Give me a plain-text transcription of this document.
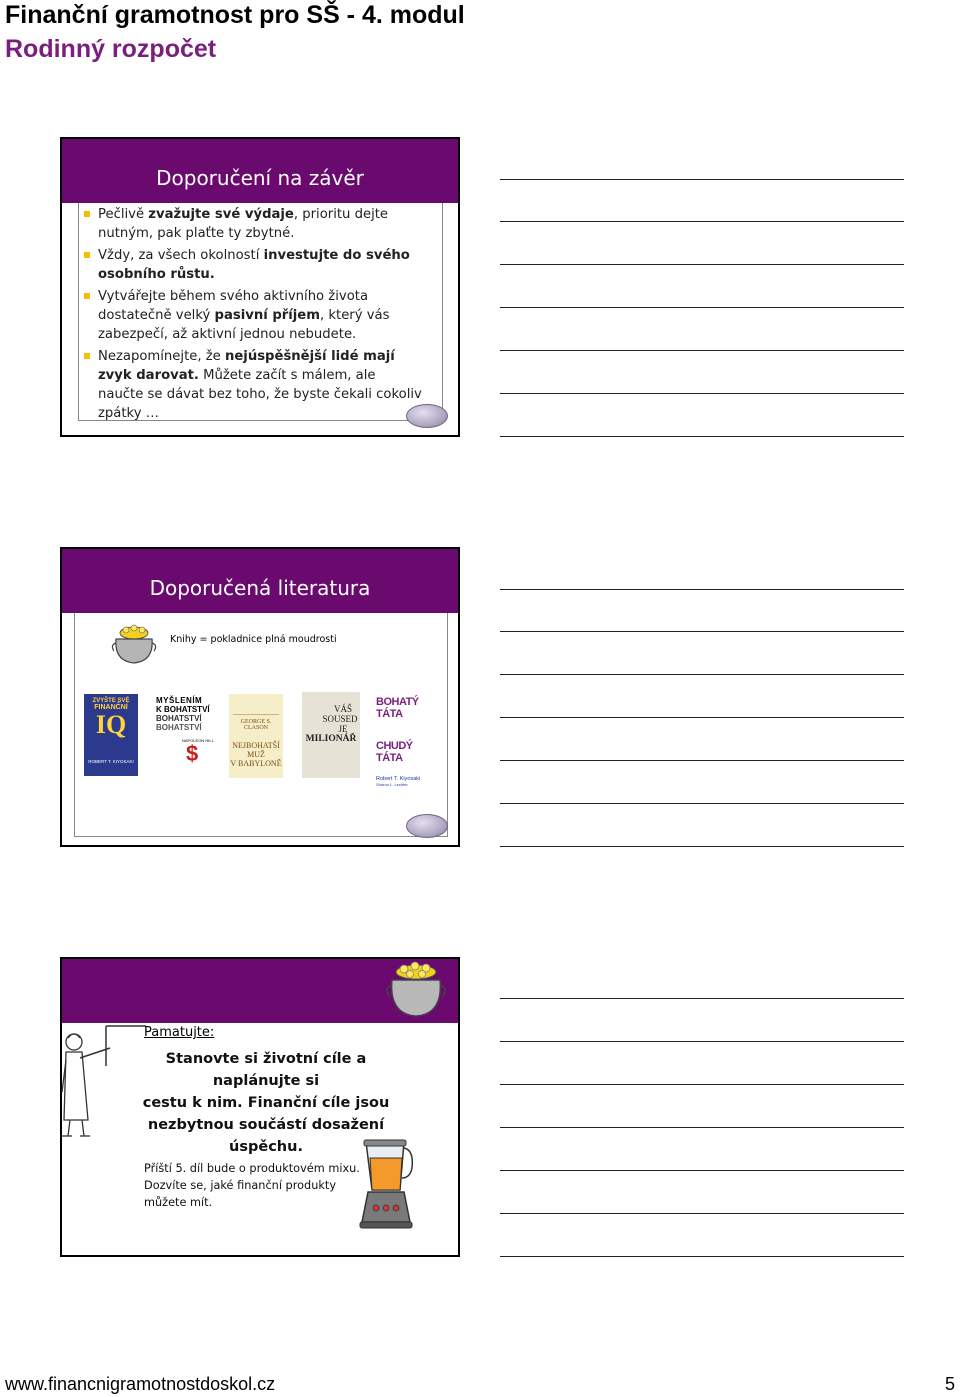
Finanční gramotnost pro SŠ - 4. modul
Rodinný rozpočet
Doporučení na závěr
Pečlivě zvažujte své výdaje, prioritu dejte nutným, pak plaťte ty zbytné.
Vždy, za všech okolností investujte do svého osobního růstu.
Vytvářejte během svého aktivního života dostatečně velký pasivní příjem, který vás zabezpečí, až aktivní jednou nebudete.
Nezapomínejte, že nejúspěšnější lidé mají zvyk darovat. Můžete začít s málem, ale naučte se dávat bez toho, že byste čekali cokoliv zpátky …
Doporučená literatura
Knihy = pokladnice plná moudrosti
ZVYŠTE SVÉ
FINANČNÍ
IQ
ROBERT T. KIYOSAKI
MYŠLENÍM
K BOHATSTVÍ
BOHATSTVÍ
BOHATSTVÍ
NAPOLEON HILL
$
GEORGE S. CLASON
NEJBOHATŠÍ
MUŽ
V BABYLONĚ
VÁŠ
SOUSED
JE
MILIONÁŘ
BOHATÝ TÁTA
CHUDÝ TÁTA
Robert T. Kiyosaki
Sharon L. Lechter
Pamatujte:
Stanovte si životní cíle a naplánujte si
cestu k nim. Finanční cíle jsou
nezbytnou součástí dosažení úspěchu.
Příští 5. díl bude o produktovém mixu.
Dozvíte se, jaké finanční produkty
můžete mít.
www.financnigramotnostdoskol.cz	5
